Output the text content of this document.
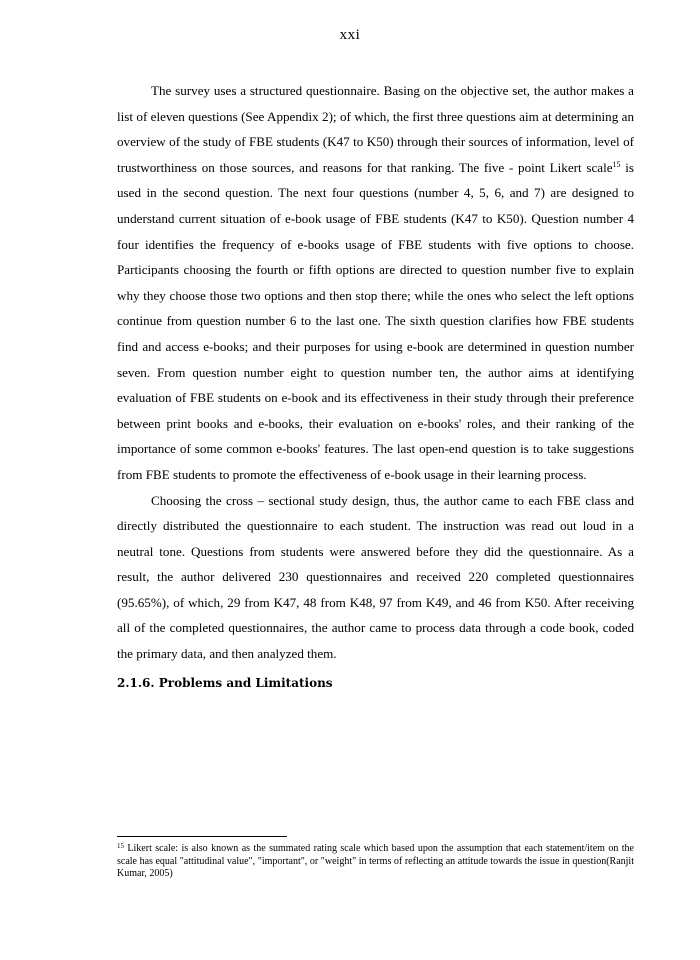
xxi

The survey uses a structured questionnaire. Basing on the objective set, the author makes a list of eleven questions (See Appendix 2); of which, the first three questions aim at determining an overview of the study of FBE students (K47 to K50) through their sources of information, level of trustworthiness on those sources, and reasons for that ranking. The five - point Likert scale$^{15}$ is used in the second question. The next four questions (number 4, 5, 6, and 7) are designed to understand current situation of e-book usage of FBE students (K47 to K50). Question number 4 four identifies the frequency of e-books usage of FBE students with five options to choose. Participants choosing the fourth or fifth options are directed to question number five to explain why they choose those two options and then stop there; while the ones who select the left options continue from question number 6 to the last one. The sixth question clarifies how FBE students find and access e-books; and their purposes for using e-book are determined in question number seven. From question number eight to question number ten, the author aims at identifying evaluation of FBE students on e-book and its effectiveness in their study through their preference between print books and e-books, their evaluation on e-books' roles, and their ranking of the importance of some common e-books' features. The last open-end question is to take suggestions from FBE students to promote the effectiveness of e-book usage in their learning process.

Choosing the cross – sectional study design, thus, the author came to each FBE class and directly distributed the questionnaire to each student. The instruction was read out loud in a neutral tone. Questions from students were answered before they did the questionnaire. As a result, the author delivered 230 questionnaires and received 220 completed questionnaires (95.65%), of which, 29 from K47, 48 from K48, 97 from K49, and 46 from K50. After receiving all of the completed questionnaires, the author came to process data through a code book, coded the primary data, and then analyzed them.

2.1.6. Problems and Limitations

$^{15}$ Likert scale: is also known as the summated rating scale which based upon the assumption that each statement/item on the scale has equal "attitudinal value", "important", or "weight" in terms of reflecting an attitude towards the issue in question(Ranjit Kumar, 2005)
